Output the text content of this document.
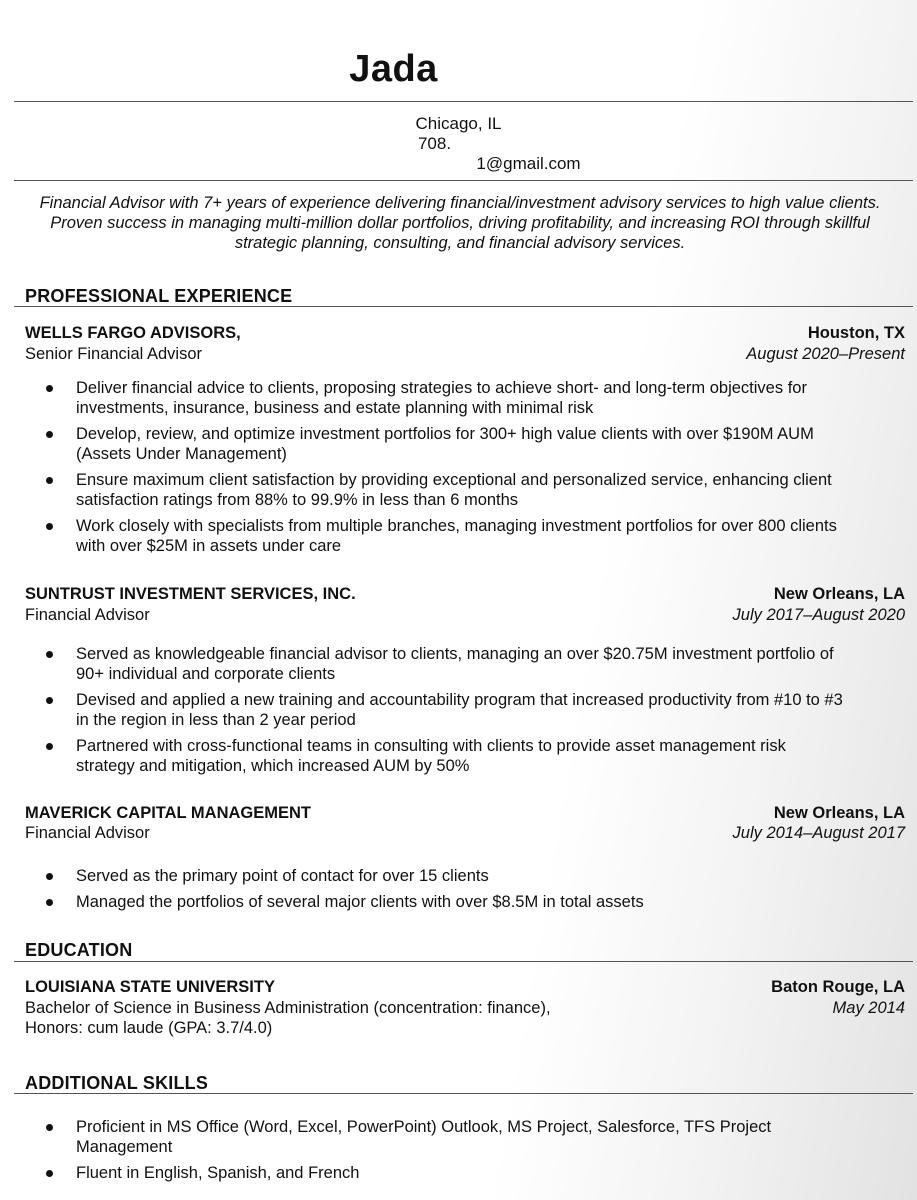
Jada
Chicago, IL
708.
1@gmail.com
Financial Advisor with 7+ years of experience delivering financial/investment advisory services to high value clients. Proven success in managing multi-million dollar portfolios, driving profitability, and increasing ROI through skillful strategic planning, consulting, and financial advisory services.
PROFESSIONAL EXPERIENCE
WELLS FARGO ADVISORS,	Houston, TX
Senior Financial Advisor	August 2020–Present
Deliver financial advice to clients, proposing strategies to achieve short- and long-term objectives for investments, insurance, business and estate planning with minimal risk
Develop, review, and optimize investment portfolios for 300+ high value clients with over $190M AUM (Assets Under Management)
Ensure maximum client satisfaction by providing exceptional and personalized service, enhancing client satisfaction ratings from 88% to 99.9% in less than 6 months
Work closely with specialists from multiple branches, managing investment portfolios for over 800 clients with over $25M in assets under care
SUNTRUST INVESTMENT SERVICES, INC.	New Orleans, LA
Financial Advisor	July 2017–August 2020
Served as knowledgeable financial advisor to clients, managing an over $20.75M investment portfolio of 90+ individual and corporate clients
Devised and applied a new training and accountability program that increased productivity from #10 to #3 in the region in less than 2 year period
Partnered with cross-functional teams in consulting with clients to provide asset management risk strategy and mitigation, which increased AUM by 50%
MAVERICK CAPITAL MANAGEMENT	New Orleans, LA
Financial Advisor	July 2014–August 2017
Served as the primary point of contact for over 15 clients
Managed the portfolios of several major clients with over $8.5M in total assets
EDUCATION
LOUISIANA STATE UNIVERSITY	Baton Rouge, LA
Bachelor of Science in Business Administration (concentration: finance),	May 2014
Honors: cum laude (GPA: 3.7/4.0)
ADDITIONAL SKILLS
Proficient in MS Office (Word, Excel, PowerPoint) Outlook, MS Project, Salesforce, TFS Project Management
Fluent in English, Spanish, and French
